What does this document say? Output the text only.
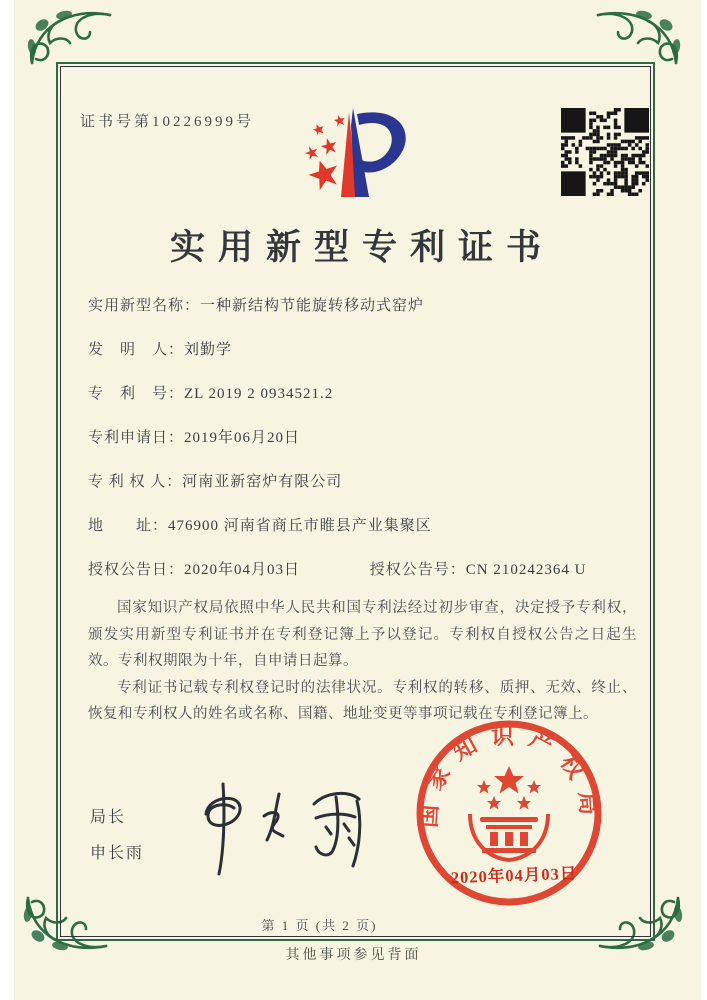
证书号第10226999号
实用新型专利证书
实用新型名称：一种新结构节能旋转移动式窑炉
发　明　人：刘勤学
专　利　号：ZL 2019 2 0934521.2
专利申请日：2019年06月20日
专 利 权 人：河南亚新窑炉有限公司
地　　址：476900 河南省商丘市睢县产业集聚区
授权公告日：2020年04月03日	授权公告号：CN 210242364 U

国家知识产权局依照中华人民共和国专利法经过初步审查，决定授予专利权，颁发实用新型专利证书并在专利登记簿上予以登记。专利权自授权公告之日起生效。专利权期限为十年，自申请日起算。

专利证书记载专利权登记时的法律状况。专利权的转移、质押、无效、终止、恢复和专利权人的姓名或名称、国籍、地址变更等事项记载在专利登记簿上。

局长
申长雨
国家知识产权局
2020年04月03日
第 1 页 (共 2 页)
其他事项参见背面
